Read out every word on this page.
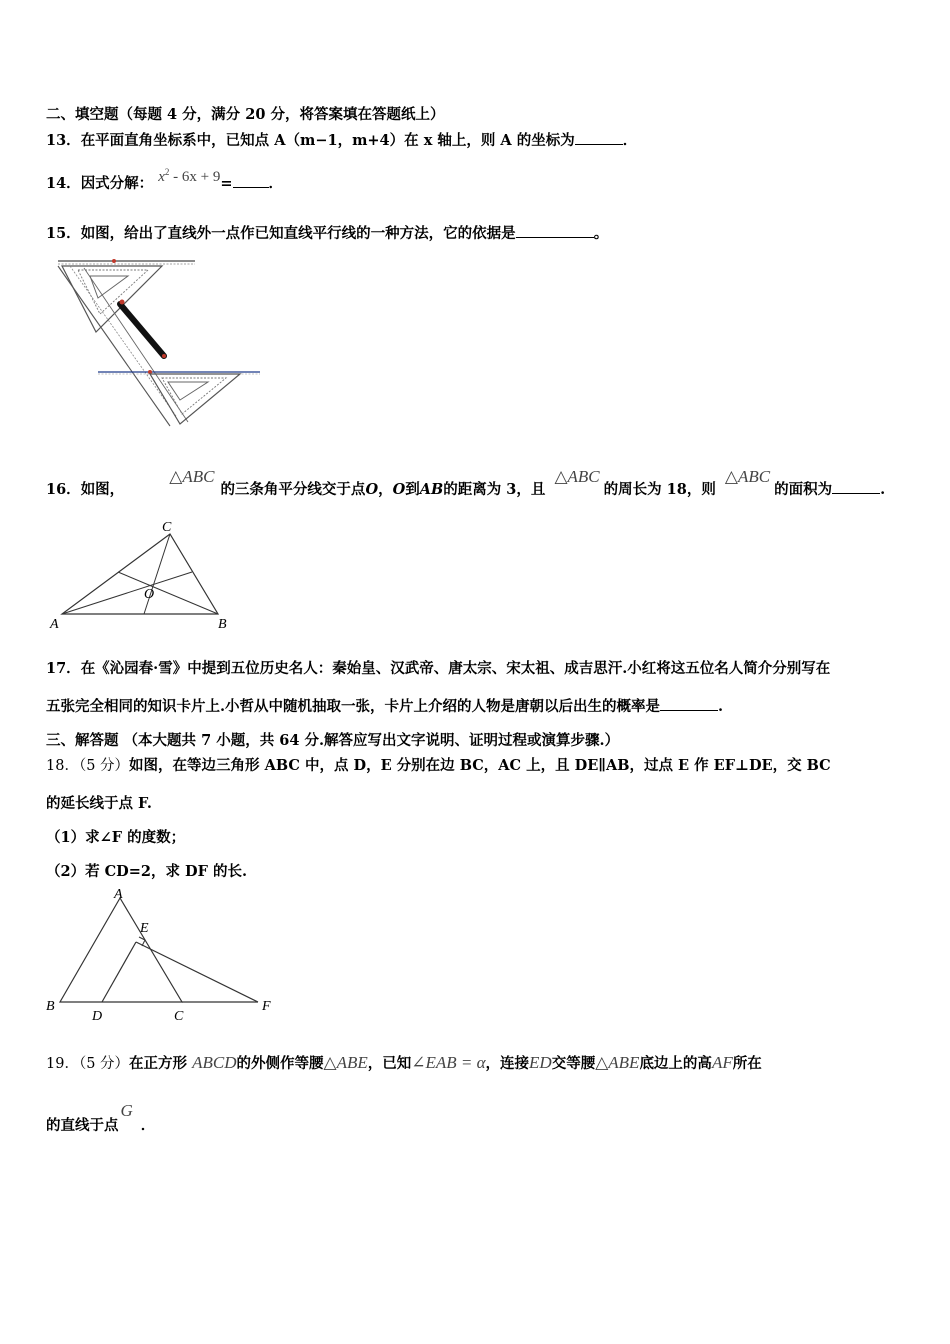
二、填空题（每题 4 分，满分 20 分，将答案填在答题纸上）
13．在平面直角坐标系中，已知点 A（m−1，m+4）在 x 轴上，则 A 的坐标为	．
14．因式分解： $x^2 - 6x + 9=$ ．
15．如图，给出了直线外一点作已知直线平行线的一种方法，它的依据是	。
16．如图， △ABC的三条角平分线交于点O，O到AB的距离为 3，且 △ABC的周长为 18，则 △ABC的面积为	.
C
O
A	B
17．在《沁园春·雪》中提到五位历史名人：秦始皇、汉武帝、唐太宗、宋太祖、成吉思汗.小红将这五位名人简介分别写在
五张完全相同的知识卡片上.小哲从中随机抽取一张，卡片上介绍的人物是唐朝以后出生的概率是	.
三、解答题 （本大题共 7 小题，共 64 分.解答应写出文字说明、证明过程或演算步骤.）
18．（5 分）如图，在等边三角形 ABC 中，点 D，E 分别在边 BC，AC 上，且 DE∥AB，过点 E 作 EF⊥DE，交 BC
的延长线于点 F.
（1）求∠F 的度数；
（2）若 CD=2，求 DF 的长.
A
E
B
D	C
F
19．（5 分）在正方形 ABCD的外侧作等腰△ABE，已知∠EAB = α，连接ED交等腰△ABE底边上的高AF所在
的直线于点G．
